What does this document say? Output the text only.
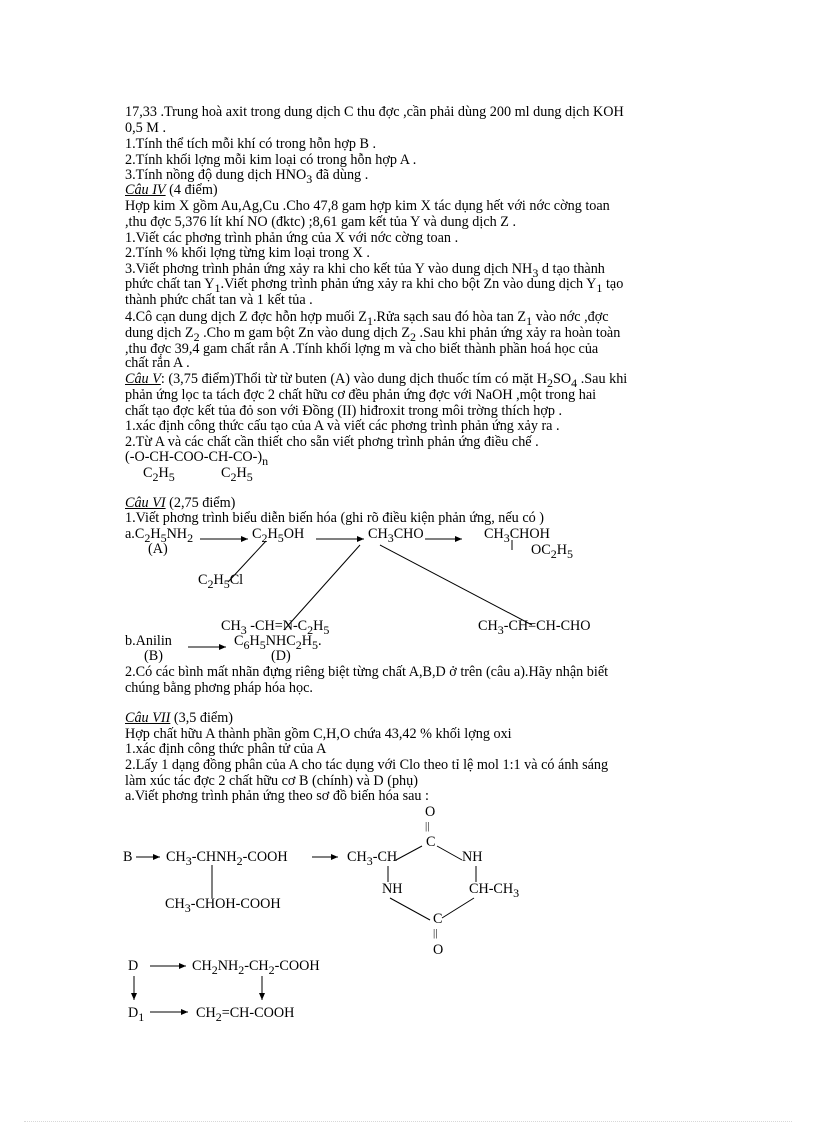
17,33 .Trung hoà axit trong dung dịch C thu đợc ,cần phải dùng 200 ml dung dịch KOH
0,5 M .
1.Tính thể tích mỗi khí có trong hỗn hợp B .
2.Tính khối lợng mỗi kim loại có trong hỗn hợp A .
3.Tính nồng độ dung dịch $HNO_3$ đã dùng .
Câu IV (4 điểm)
Hợp kim X gồm Au,Ag,Cu .Cho 47,8 gam hợp kim X tác dụng hết với nớc cờng toan
,thu đợc 5,376 lít khí NO (đktc) ;8,61 gam kết tủa Y và dung dịch Z .
1.Viết các phơng trình phản ứng của X với nớc cờng toan .
2.Tính % khối lợng từng kim loại trong X .
3.Viết phơng trình phản ứng xảy ra khi cho kết tủa Y vào dung dịch $NH_3$ d tạo thành
phức chất $\tan Y_1.Viết$ phơng trình phản ứng xảy ra khi cho bột Zn vào dung dịch $Y_1$ tạo
thành phức chất tan và 1 kết tủa .
4.Cô cạn dung dịch Z đợc hỗn hợp muối $Z_1.Rửa$ sạch sau đó hòa $\tan Z_1$ vào nớc ,đợc
dung dịch $Z_2$ .Cho m gam bột Zn vào dung dịch $Z_2$ .Sau khi phản ứng xảy ra hoàn toàn
,thu đợc 39,4 gam chất rắn A .Tính khối lợng m và cho biết thành phần hoá học của
chất rắn A .
Câu V: (3,75 điểm)Thổi từ từ buten (A) vào dung dịch thuốc tím có mặt $H_2SO_4$ .Sau khi
phản ứng lọc ta tách đợc 2 chất hữu cơ đều phản ứng đợc với NaOH ,một trong hai
chất tạo đợc kết tủa đỏ son với Đồng (II) hiđroxit trong môi trờng thích hợp .
1.xác định công thức cấu tạo của A và viết các phơng trình phản ứng xảy ra .
2.Từ A và các chất cần thiết cho sẵn viết phơng trình phản ứng điều chế .
$(-O-CH-COO-CH-CO-)_n$
$C_2H_5$	$C_2H_5$
Câu VI (2,75 điểm)
1.Viết phơng trình biểu diễn biến hóa (ghi rõ điều kiện phản ứng, nếu có )
$a.C_2H_5NH_2$
(A)
$C_2H_5OH$	$CH_3CHO$	$CH_3CHOH$
$OC_2H_5$
$C_2H_5Cl$
$CH_3$ $-CH=N-C_2H_5$	$CH_3-CH=CH$-CHO
b.Anilin	$C_6H_5NHC_2H_5$.
(B)	(D)
2.Có các bình mất nhãn đựng riêng biệt từng chất A,B,D ở trên (câu a).Hãy nhận biết
chúng bằng phơng pháp hóa học.
Câu VII (3,5 điểm)
Hợp chất hữu A thành phần gồm C,H,O chứa 43,42 % khối lợng oxi
1.xác định công thức phân tử của A
2.Lấy 1 dạng đồng phân của A cho tác dụng với Clo theo tỉ lệ mol 1:1 và có ánh sáng
làm xúc tác đợc 2 chất hữu cơ B (chính) và D (phụ)
a.Viết phơng trình phản ứng theo sơ đồ biến hóa sau :
O
||
C
B $CH_3-CHNH_2$-COOH	$CH_3-CH$	NH
NH	$CH-CH_3$
$CH_3-CHOH$-COOH
C
||
O
D	$CH_2NH_2-CH_2$-COOH
$D_1$	$CH_2=CH$-COOH
